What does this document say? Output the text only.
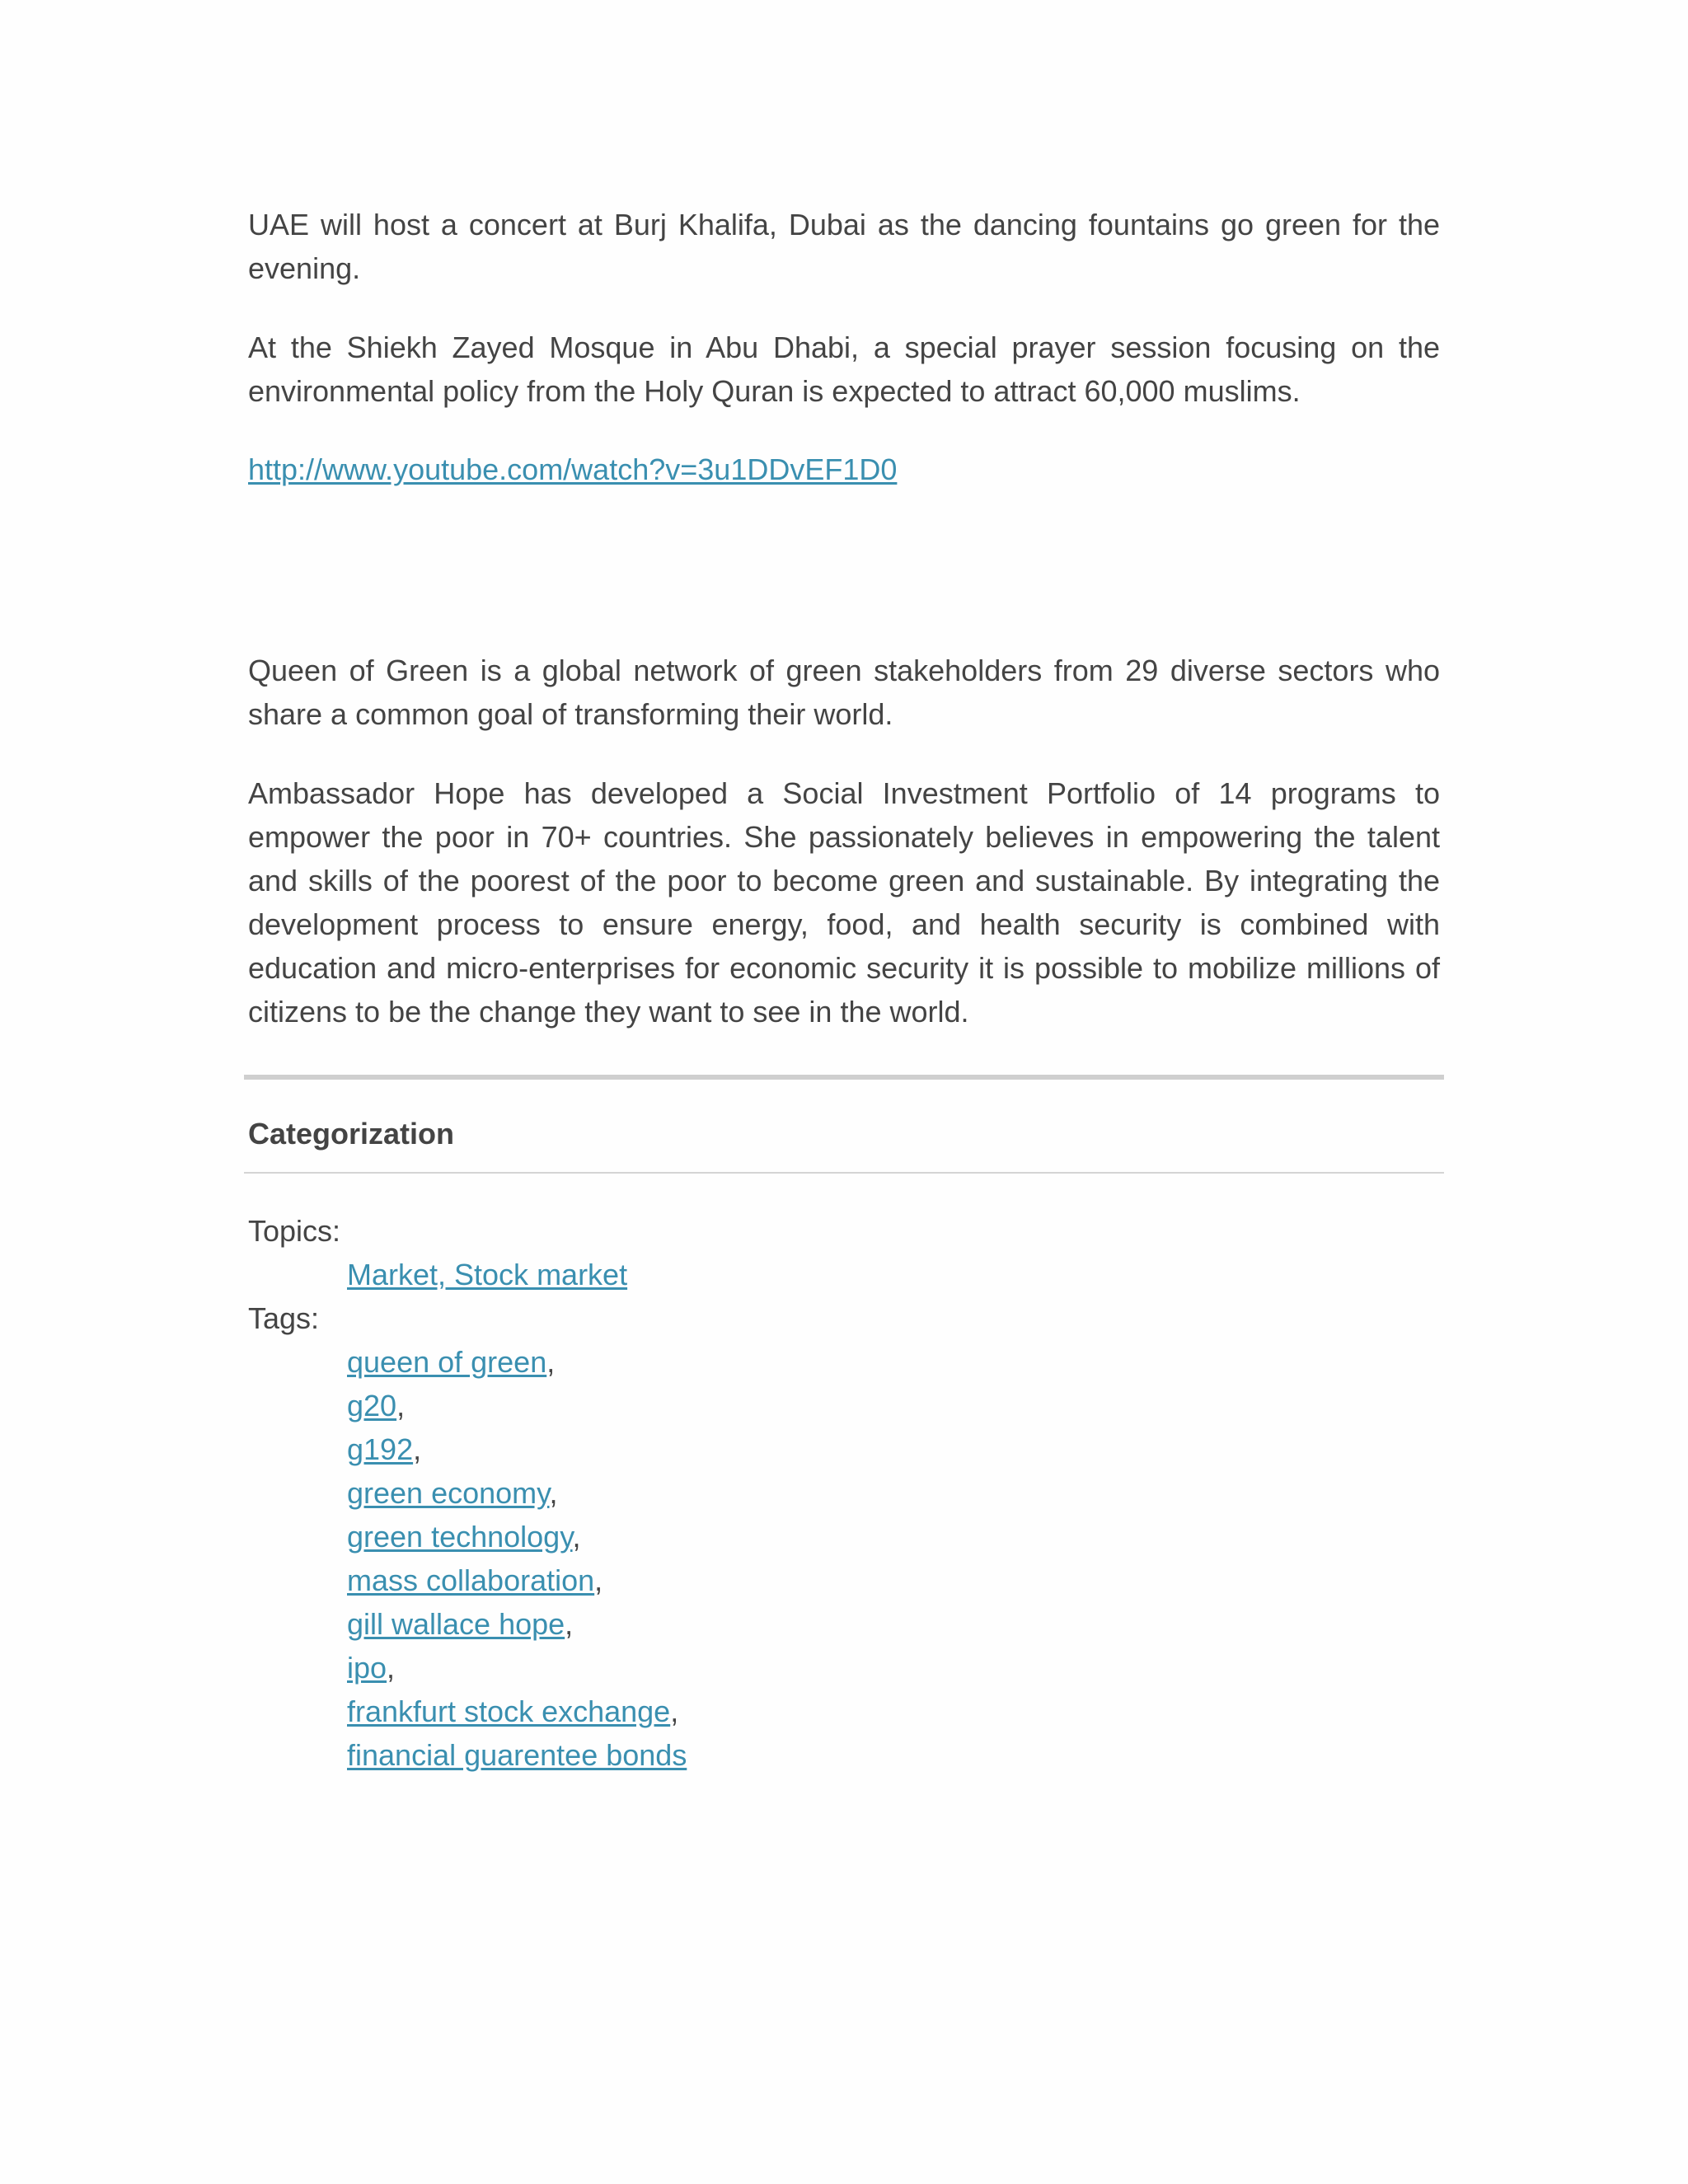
UAE will host a concert at Burj Khalifa, Dubai as the dancing fountains go green for the evening.

At the Shiekh Zayed Mosque in Abu Dhabi, a special prayer session focusing on the environmental policy from the Holy Quran is expected to attract 60,000 muslims.

http://www.youtube.com/watch?v=3u1DDvEF1D0

Queen of Green is a global network of green stakeholders from 29 diverse sectors who share a common goal of transforming their world.

Ambassador Hope has developed a Social Investment Portfolio of 14 programs to empower the poor in 70+ countries. She passionately believes in empowering the talent and skills of the poorest of the poor to become green and sustainable. By integrating the development process to ensure energy, food, and health security is combined with education and micro-enterprises for economic security it is possible to mobilize millions of citizens to be the change they want to see in the world.

Categorization
Topics:
Market, Stock market
Tags:
queen of green,
g20,
g192,
green economy,
green technology,
mass collaboration,
gill wallace hope,
ipo,
frankfurt stock exchange,
financial guarentee bonds
